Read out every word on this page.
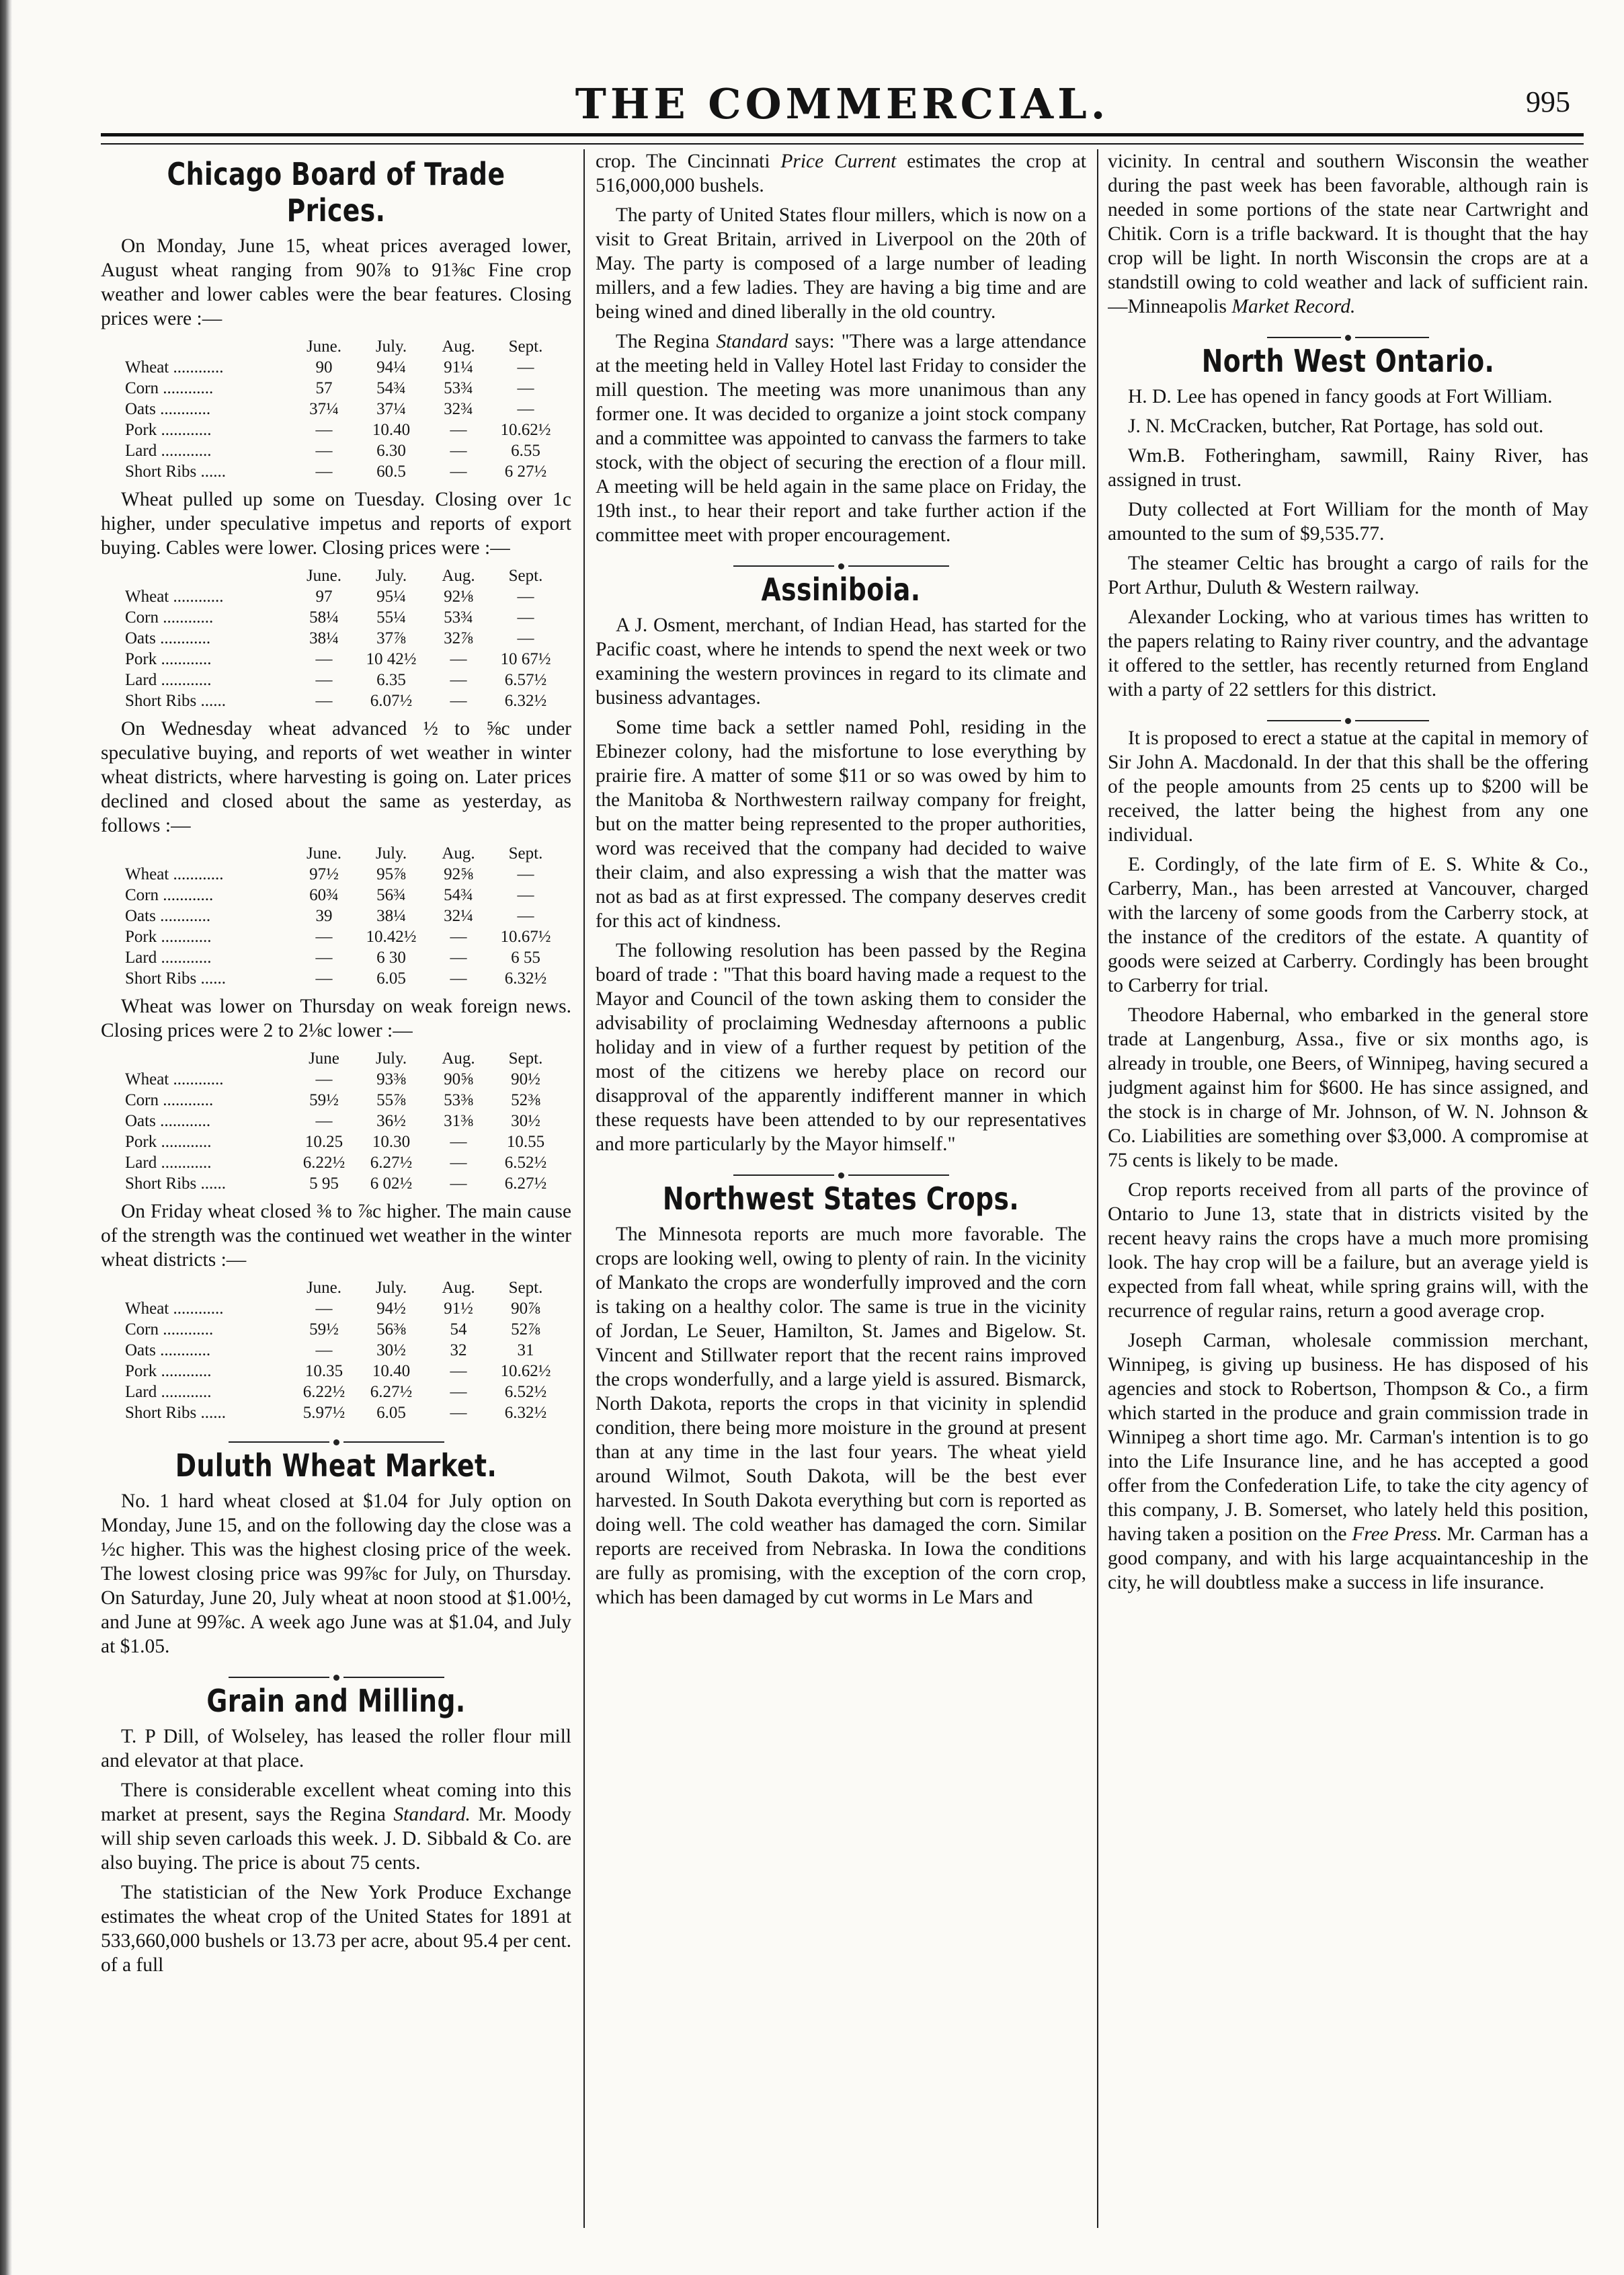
THE COMMERCIAL.	995
Chicago Board of Trade Prices.

On Monday, June 15, wheat prices averaged lower, August wheat ranging from 90⅞ to 91⅜c Fine crop weather and lower cables were the bear features. Closing prices were :—

	June.	July.	Aug.	Sept.
Wheat ............	90	94¼	91¼	—
Corn ............	57	54¾	53¾	—
Oats ............	37¼	37¼	32¾	—
Pork ............	—	10.40	—	10.62½
Lard ............	—	6.30	—	6.55
Short Ribs ......	—	60.5	—	6 27½

Wheat pulled up some on Tuesday. Closing over 1c higher, under speculative impetus and reports of export buying. Cables were lower. Closing prices were :—

	June.	July.	Aug.	Sept.
Wheat ............	97	95¼	92⅛	—
Corn ............	58¼	55¼	53¾	—
Oats ............	38¼	37⅞	32⅞	—
Pork ............	—	10 42½	—	10 67½
Lard ............	—	6.35	—	6.57½
Short Ribs ......	—	6.07½	—	6.32½

On Wednesday wheat advanced ½ to ⅝c under speculative buying, and reports of wet weather in winter wheat districts, where harvesting is going on. Later prices declined and closed about the same as yesterday, as follows :—

	June.	July.	Aug.	Sept.
Wheat ............	97½	95⅞	92⅝	—
Corn ............	60¾	56¾	54¾	—
Oats ............	39	38¼	32¼	—
Pork ............	—	10.42½	—	10.67½
Lard ............	—	6 30	—	6 55
Short Ribs ......	—	6.05	—	6.32½

Wheat was lower on Thursday on weak foreign news. Closing prices were 2 to 2⅛c lower :—

	June	July.	Aug.	Sept.
Wheat ............	—	93⅜	90⅝	90½
Corn ............	59½	55⅞	53⅜	52⅜
Oats ............	—	36½	31⅜	30½
Pork ............	10.25	10.30	—	10.55
Lard ............	6.22½	6.27½	—	6.52½
Short Ribs ......	5 95	6 02½	—	6.27½

On Friday wheat closed ⅜ to ⅞c higher. The main cause of the strength was the continued wet weather in the winter wheat districts :—

	June.	July.	Aug.	Sept.
Wheat ............	—	94½	91½	90⅞
Corn ............	59½	56⅜	54	52⅞
Oats ............	—	30½	32	31
Pork ............	10.35	10.40	—	10.62½
Lard ............	6.22½	6.27½	—	6.52½
Short Ribs ......	5.97½	6.05	—	6.32½
Duluth Wheat Market.

No. 1 hard wheat closed at $1.04 for July option on Monday, June 15, and on the following day the close was a ½c higher. This was the highest closing price of the week. The lowest closing price was 99⅞c for July, on Thursday. On Saturday, June 20, July wheat at noon stood at $1.00½, and June at 99⅞c. A week ago June was at $1.04, and July at $1.05.

Grain and Milling.

T. P Dill, of Wolseley, has leased the roller flour mill and elevator at that place.

There is considerable excellent wheat coming into this market at present, says the Regina Standard. Mr. Moody will ship seven carloads this week. J. D. Sibbald & Co. are also buying. The price is about 75 cents.

The statistician of the New York Produce Exchange estimates the wheat crop of the United States for 1891 at 533,660,000 bushels or 13.73 per acre, about 95.4 per cent. of a full

crop. The Cincinnati Price Current estimates the crop at 516,000,000 bushels.

The party of United States flour millers, which is now on a visit to Great Britain, arrived in Liverpool on the 20th of May. The party is composed of a large number of leading millers, and a few ladies. They are having a big time and are being wined and dined liberally in the old country.

The Regina Standard says: "There was a large attendance at the meeting held in Valley Hotel last Friday to consider the mill question. The meeting was more unanimous than any former one. It was decided to organize a joint stock company and a committee was appointed to canvass the farmers to take stock, with the object of securing the erection of a flour mill. A meeting will be held again in the same place on Friday, the 19th inst., to hear their report and take further action if the committee meet with proper encouragement.

Assiniboia.

A J. Osment, merchant, of Indian Head, has started for the Pacific coast, where he intends to spend the next week or two examining the western provinces in regard to its climate and business advantages.

Some time back a settler named Pohl, residing in the Ebinezer colony, had the misfortune to lose everything by prairie fire. A matter of some $11 or so was owed by him to the Manitoba & Northwestern railway company for freight, but on the matter being represented to the proper authorities, word was received that the company had decided to waive their claim, and also expressing a wish that the matter was not as bad as at first expressed. The company deserves credit for this act of kindness.

The following resolution has been passed by the Regina board of trade : "That this board having made a request to the Mayor and Council of the town asking them to consider the advisability of proclaiming Wednesday afternoons a public holiday and in view of a further request by petition of the most of the citizens we hereby place on record our disapproval of the apparently indifferent manner in which these requests have been attended to by our representatives and more particularly by the Mayor himself."

Northwest States Crops.

The Minnesota reports are much more favorable. The crops are looking well, owing to plenty of rain. In the vicinity of Mankato the crops are wonderfully improved and the corn is taking on a healthy color. The same is true in the vicinity of Jordan, Le Seuer, Hamilton, St. James and Bigelow. St. Vincent and Stillwater report that the recent rains improved the crops wonderfully, and a large yield is assured. Bismarck, North Dakota, reports the crops in that vicinity in splendid condition, there being more moisture in the ground at present than at any time in the last four years. The wheat yield around Wilmot, South Dakota, will be the best ever harvested. In South Dakota everything but corn is reported as doing well. The cold weather has damaged the corn. Similar reports are received from Nebraska. In Iowa the conditions are fully as promising, with the exception of the corn crop, which has been damaged by cut worms in Le Mars and

vicinity. In central and southern Wisconsin the weather during the past week has been favorable, although rain is needed in some portions of the state near Cartwright and Chitik. Corn is a trifle backward. It is thought that the hay crop will be light. In north Wisconsin the crops are at a standstill owing to cold weather and lack of sufficient rain.—Minneapolis Market Record.

North West Ontario.

H. D. Lee has opened in fancy goods at Fort William.

J. N. McCracken, butcher, Rat Portage, has sold out.

Wm.B. Fotheringham, sawmill, Rainy River, has assigned in trust.

Duty collected at Fort William for the month of May amounted to the sum of $9,535.77.

The steamer Celtic has brought a cargo of rails for the Port Arthur, Duluth & Western railway.

Alexander Locking, who at various times has written to the papers relating to Rainy river country, and the advantage it offered to the settler, has recently returned from England with a party of 22 settlers for this district.

It is proposed to erect a statue at the capital in memory of Sir John A. Macdonald. In der that this shall be the offering of the people amounts from 25 cents up to $200 will be received, the latter being the highest from any one individual.

E. Cordingly, of the late firm of E. S. White & Co., Carberry, Man., has been arrested at Vancouver, charged with the larceny of some goods from the Carberry stock, at the instance of the creditors of the estate. A quantity of goods were seized at Carberry. Cordingly has been brought to Carberry for trial.

Theodore Habernal, who embarked in the general store trade at Langenburg, Assa., five or six months ago, is already in trouble, one Beers, of Winnipeg, having secured a judgment against him for $600. He has since assigned, and the stock is in charge of Mr. Johnson, of W. N. Johnson & Co. Liabilities are something over $3,000. A compromise at 75 cents is likely to be made.

Crop reports received from all parts of the province of Ontario to June 13, state that in districts visited by the recent heavy rains the crops have a much more promising look. The hay crop will be a failure, but an average yield is expected from fall wheat, while spring grains will, with the recurrence of regular rains, return a good average crop.

Joseph Carman, wholesale commission merchant, Winnipeg, is giving up business. He has disposed of his agencies and stock to Robertson, Thompson & Co., a firm which started in the produce and grain commission trade in Winnipeg a short time ago. Mr. Carman's intention is to go into the Life Insurance line, and he has accepted a good offer from the Confederation Life, to take the city agency of this company, J. B. Somerset, who lately held this position, having taken a position on the Free Press. Mr. Carman has a good company, and with his large acquaintanceship in the city, he will doubtless make a success in life insurance.
